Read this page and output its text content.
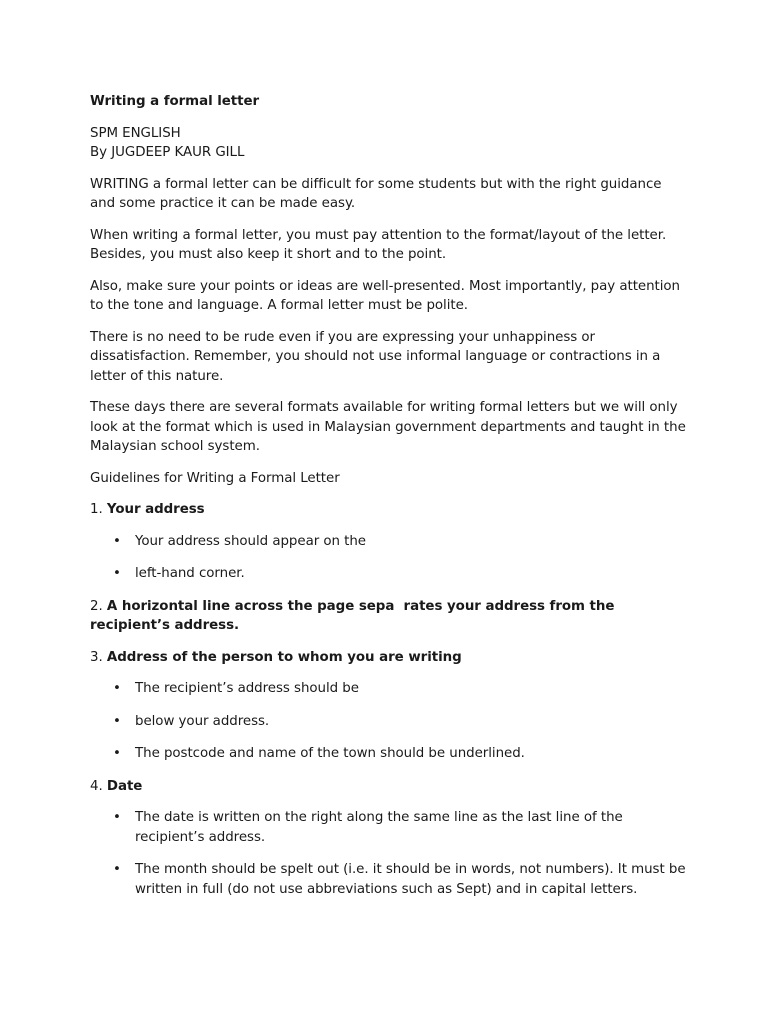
Writing a formal letter
SPM ENGLISH
By JUGDEEP KAUR GILL

WRITING a formal letter can be difficult for some students but with the right guidance and some practice it can be made easy.

When writing a formal letter, you must pay attention to the format/layout of the letter. Besides, you must also keep it short and to the point.

Also, make sure your points or ideas are well-presented. Most importantly, pay attention to the tone and language. A formal letter must be polite.

There is no need to be rude even if you are expressing your unhappiness or dissatisfaction. Remember, you should not use informal language or contractions in a letter of this nature.

These days there are several formats available for writing formal letters but we will only look at the format which is used in Malaysian government departments and taught in the Malaysian school system.

Guidelines for Writing a Formal Letter

1. Your address
• Your address should appear on the
• left-hand corner.
2. A horizontal line across the page sepa  rates your address from the recipient’s address.
3. Address of the person to whom you are writing
• The recipient’s address should be
• below your address.
• The postcode and name of the town should be underlined.
4. Date
• The date is written on the right along the same line as the last line of the recipient’s address.
• The month should be spelt out (i.e. it should be in words, not numbers). It must be written in full (do not use abbreviations such as Sept) and in capital letters.
